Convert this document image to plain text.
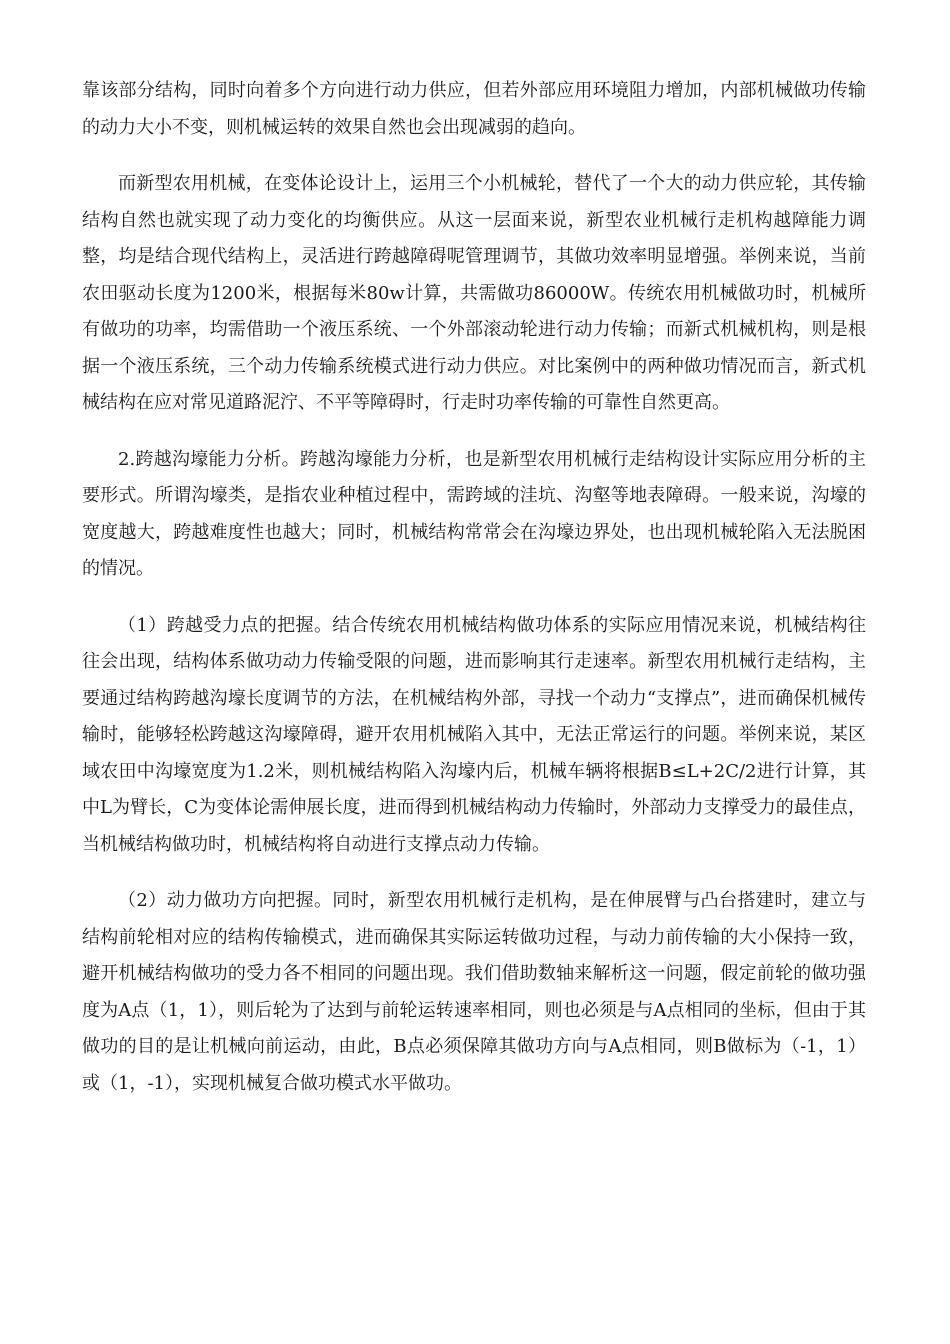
靠该部分结构，同时向着多个方向进行动力供应，但若外部应用环境阻力增加，内部机械做功传输的动力大小不变，则机械运转的效果自然也会出现减弱的趋向。

而新型农用机械，在变体论设计上，运用三个小机械轮，替代了一个大的动力供应轮，其传输结构自然也就实现了动力变化的均衡供应。从这一层面来说，新型农业机械行走机构越障能力调整，均是结合现代结构上，灵活进行跨越障碍呢管理调节，其做功效率明显增强。举例来说，当前农田驱动长度为1200米，根据每米80w计算，共需做功86000W。传统农用机械做功时，机械所有做功的功率，均需借助一个液压系统、一个外部滚动轮进行动力传输；而新式机械机构，则是根据一个液压系统，三个动力传输系统模式进行动力供应。对比案例中的两种做功情况而言，新式机械结构在应对常见道路泥泞、不平等障碍时，行走时功率传输的可靠性自然更高。

2.跨越沟壕能力分析。跨越沟壕能力分析，也是新型农用机械行走结构设计实际应用分析的主要形式。所谓沟壕类，是指农业种植过程中，需跨域的洼坑、沟壑等地表障碍。一般来说，沟壕的宽度越大，跨越难度性也越大；同时，机械结构常常会在沟壕边界处，也出现机械轮陷入无法脱困的情况。

（1）跨越受力点的把握。结合传统农用机械结构做功体系的实际应用情况来说，机械结构往往会出现，结构体系做功动力传输受限的问题，进而影响其行走速率。新型农用机械行走结构，主要通过结构跨越沟壕长度调节的方法，在机械结构外部，寻找一个动力“支撑点”，进而确保机械传输时，能够轻松跨越这沟壕障碍，避开农用机械陷入其中，无法正常运行的问题。举例来说，某区域农田中沟壕宽度为1.2米，则机械结构陷入沟壕内后，机械车辆将根据B≤L+2C/2进行计算，其中L为臂长，C为变体论需伸展长度，进而得到机械结构动力传输时，外部动力支撑受力的最佳点，当机械结构做功时，机械结构将自动进行支撑点动力传输。

（2）动力做功方向把握。同时，新型农用机械行走机构，是在伸展臂与凸台搭建时，建立与结构前轮相对应的结构传输模式，进而确保其实际运转做功过程，与动力前传输的大小保持一致，避开机械结构做功的受力各不相同的问题出现。我们借助数轴来解析这一问题，假定前轮的做功强度为A点（1，1），则后轮为了达到与前轮运转速率相同，则也必须是与A点相同的坐标，但由于其做功的目的是让机械向前运动，由此，B点必须保障其做功方向与A点相同，则B做标为（-1，1）或（1，-1），实现机械复合做功模式水平做功。
